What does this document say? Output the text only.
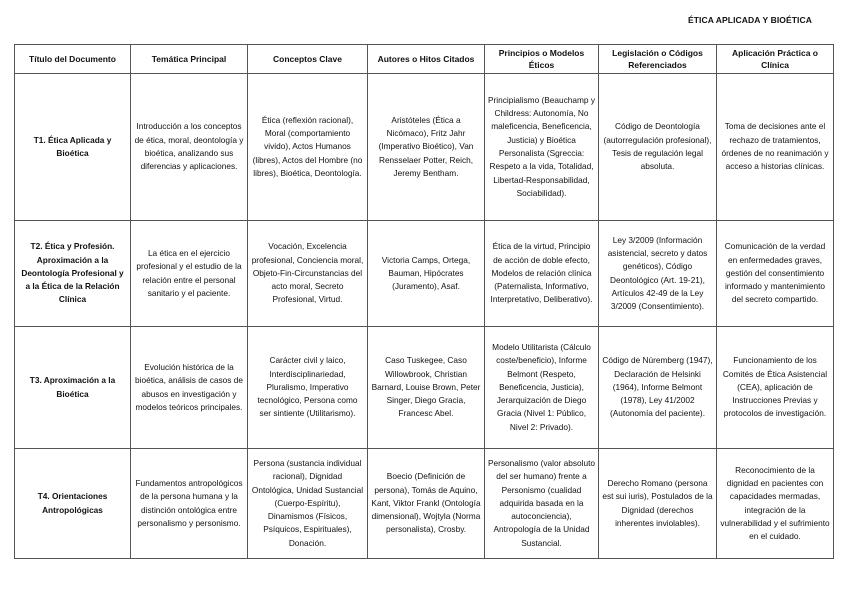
ÉTICA APLICADA Y BIOÉTICA
Título del Documento	Temática Principal	Conceptos Clave	Autores o Hitos Citados	Principios o Modelos Éticos	Legislación o Códigos Referenciados	Aplicación Práctica o Clínica
T1. Ética Aplicada y Bioética	Introducción a los conceptos de ética, moral, deontología y bioética, analizando sus diferencias y aplicaciones.	Ética (reflexión racional), Moral (comportamiento vivido), Actos Humanos (libres), Actos del Hombre (no libres), Bioética, Deontología.	Aristóteles (Ética a Nicómaco), Fritz Jahr (Imperativo Bioético), Van Rensselaer Potter, Reich, Jeremy Bentham.	Principialismo (Beauchamp y Childress: Autonomía, No maleficencia, Beneficencia, Justicia) y Bioética Personalista (Sgreccia: Respeto a la vida, Totalidad, Libertad-Responsabilidad, Sociabilidad).	Código de Deontología (autorregulación profesional), Tesis de regulación legal absoluta.	Toma de decisiones ante el rechazo de tratamientos, órdenes de no reanimación y acceso a historias clínicas.
T2. Ética y Profesión. Aproximación a la Deontología Profesional y a la Ética de la Relación Clínica	La ética en el ejercicio profesional y el estudio de la relación entre el personal sanitario y el paciente.	Vocación, Excelencia profesional, Conciencia moral, Objeto-Fin-Circunstancias del acto moral, Secreto Profesional, Virtud.	Victoria Camps, Ortega, Bauman, Hipócrates (Juramento), Asaf.	Ética de la virtud, Principio de acción de doble efecto, Modelos de relación clínica (Paternalista, Informativo, Interpretativo, Deliberativo).	Ley 3/2009 (Información asistencial, secreto y datos genéticos), Código Deontológico (Art. 19-21), Artículos 42-49 de la Ley 3/2009 (Consentimiento).	Comunicación de la verdad en enfermedades graves, gestión del consentimiento informado y mantenimiento del secreto compartido.
T3. Aproximación a la Bioética	Evolución histórica de la bioética, análisis de casos de abusos en investigación y modelos teóricos principales.	Carácter civil y laico, Interdisciplinariedad, Pluralismo, Imperativo tecnológico, Persona como ser sintiente (Utilitarismo).	Caso Tuskegee, Caso Willowbrook, Christian Barnard, Louise Brown, Peter Singer, Diego Gracia, Francesc Abel.	Modelo Utilitarista (Cálculo coste/beneficio), Informe Belmont (Respeto, Beneficencia, Justicia), Jerarquización de Diego Gracia (Nivel 1: Público, Nivel 2: Privado).	Código de Núremberg (1947), Declaración de Helsinki (1964), Informe Belmont (1978), Ley 41/2002 (Autonomía del paciente).	Funcionamiento de los Comités de Ética Asistencial (CEA), aplicación de Instrucciones Previas y protocolos de investigación.
T4. Orientaciones Antropológicas	Fundamentos antropológicos de la persona humana y la distinción ontológica entre personalismo y personismo.	Persona (sustancia individual racional), Dignidad Ontológica, Unidad Sustancial (Cuerpo-Espíritu), Dinamismos (Físicos, Psíquicos, Espirituales), Donación.	Boecio (Definición de persona), Tomás de Aquino, Kant, Viktor Frankl (Ontología dimensional), Wojtyla (Norma personalista), Crosby.	Personalismo (valor absoluto del ser humano) frente a Personismo (cualidad adquirida basada en la autoconciencia), Antropología de la Unidad Sustancial.	Derecho Romano (persona est sui iuris), Postulados de la Dignidad (derechos inherentes inviolables).	Reconocimiento de la dignidad en pacientes con capacidades mermadas, integración de la vulnerabilidad y el sufrimiento en el cuidado.
